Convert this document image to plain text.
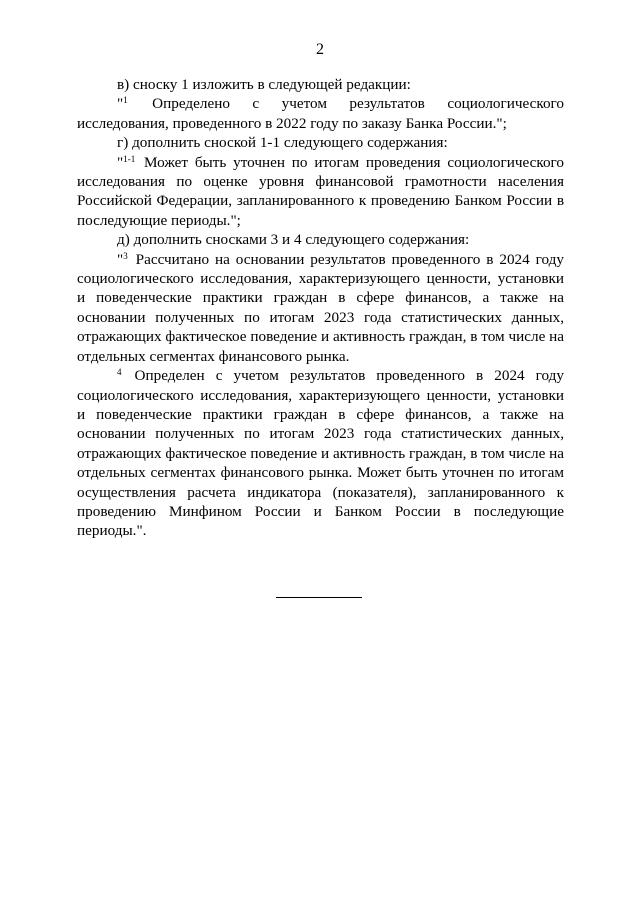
2

в) сноску 1 изложить в следующей редакции:

"$^1$ Определено с учетом результатов социологического исследования, проведенного в 2022 году по заказу Банка России.";

г) дополнить сноской 1-1 следующего содержания:

"$^{1-1}$ Может быть уточнен по итогам проведения социологического исследования по оценке уровня финансовой грамотности населения Российской Федерации, запланированного к проведению Банком России в последующие периоды.";

д) дополнить сносками 3 и 4 следующего содержания:

"$^3$ Рассчитано на основании результатов проведенного в 2024 году социологического исследования, характеризующего ценности, установки и поведенческие практики граждан в сфере финансов, а также на основании полученных по итогам 2023 года статистических данных, отражающих фактическое поведение и активность граждан, в том числе на отдельных сегментах финансового рынка.

$^4$ Определен с учетом результатов проведенного в 2024 году социологического исследования, характеризующего ценности, установки и поведенческие практики граждан в сфере финансов, а также на основании полученных по итогам 2023 года статистических данных, отражающих фактическое поведение и активность граждан, в том числе на отдельных сегментах финансового рынка. Может быть уточнен по итогам осуществления расчета индикатора (показателя), запланированного к проведению Минфином России и Банком России в последующие периоды.".
